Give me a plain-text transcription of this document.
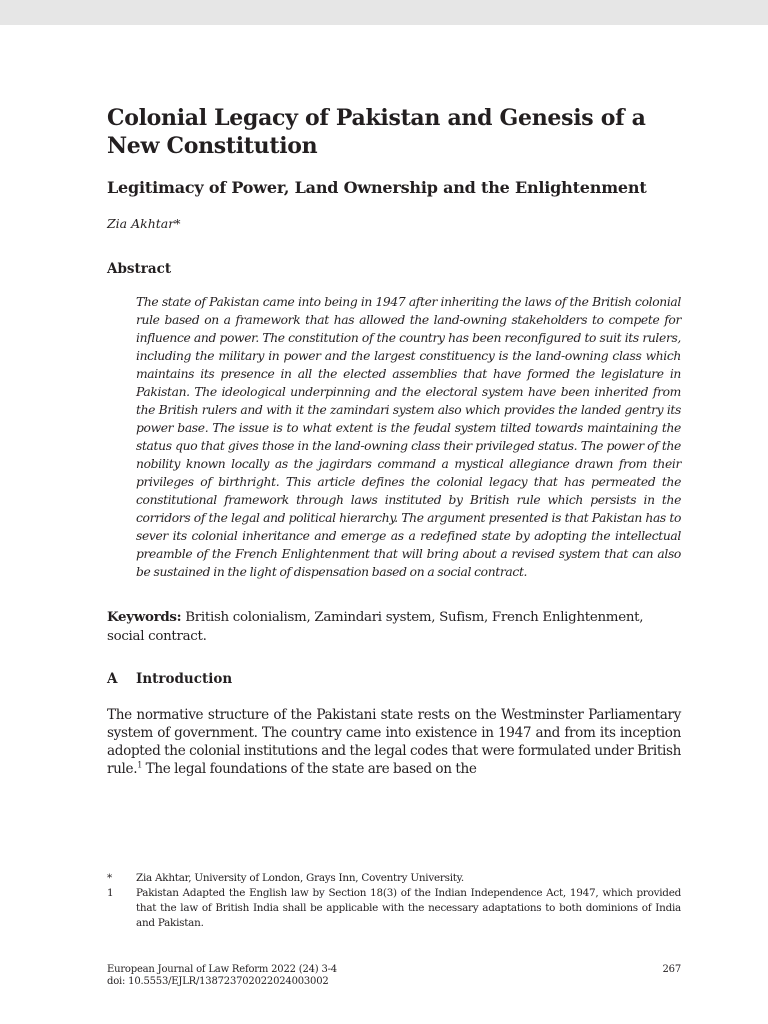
Colonial Legacy of Pakistan and Genesis of a New Constitution
Legitimacy of Power, Land Ownership and the Enlightenment
Zia Akhtar*
Abstract
The state of Pakistan came into being in 1947 after inheriting the laws of the British colonial rule based on a framework that has allowed the land-owning stakeholders to compete for influence and power. The constitution of the country has been reconfigured to suit its rulers, including the military in power and the largest constituency is the land-owning class which maintains its presence in all the elected assemblies that have formed the legislature in Pakistan. The ideological underpinning and the electoral system have been inherited from the British rulers and with it the zamindari system also which provides the landed gentry its power base. The issue is to what extent is the feudal system tilted towards maintaining the status quo that gives those in the land-owning class their privileged status. The power of the nobility known locally as the jagirdars command a mystical allegiance drawn from their privileges of birthright. This article defines the colonial legacy that has permeated the constitutional framework through laws instituted by British rule which persists in the corridors of the legal and political hierarchy. The argument presented is that Pakistan has to sever its colonial inheritance and emerge as a redefined state by adopting the intellectual preamble of the French Enlightenment that will bring about a revised system that can also be sustained in the light of dispensation based on a social contract.
Keywords: British colonialism, Zamindari system, Sufism, French Enlightenment, social contract.
A Introduction
The normative structure of the Pakistani state rests on the Westminster Parliamentary system of government. The country came into existence in 1947 and from its inception adopted the colonial institutions and the legal codes that were formulated under British rule.$^1$ The legal foundations of the state are based on the
*	Zia Akhtar, University of London, Grays Inn, Coventry University.
1	Pakistan Adapted the English law by Section 18(3) of the Indian Independence Act, 1947, which provided that the law of British India shall be applicable with the necessary adaptations to both dominions of India and Pakistan.
European Journal of Law Reform 2022 (24) 3-4
doi: 10.5553/EJLR/138723702022024003002
267
